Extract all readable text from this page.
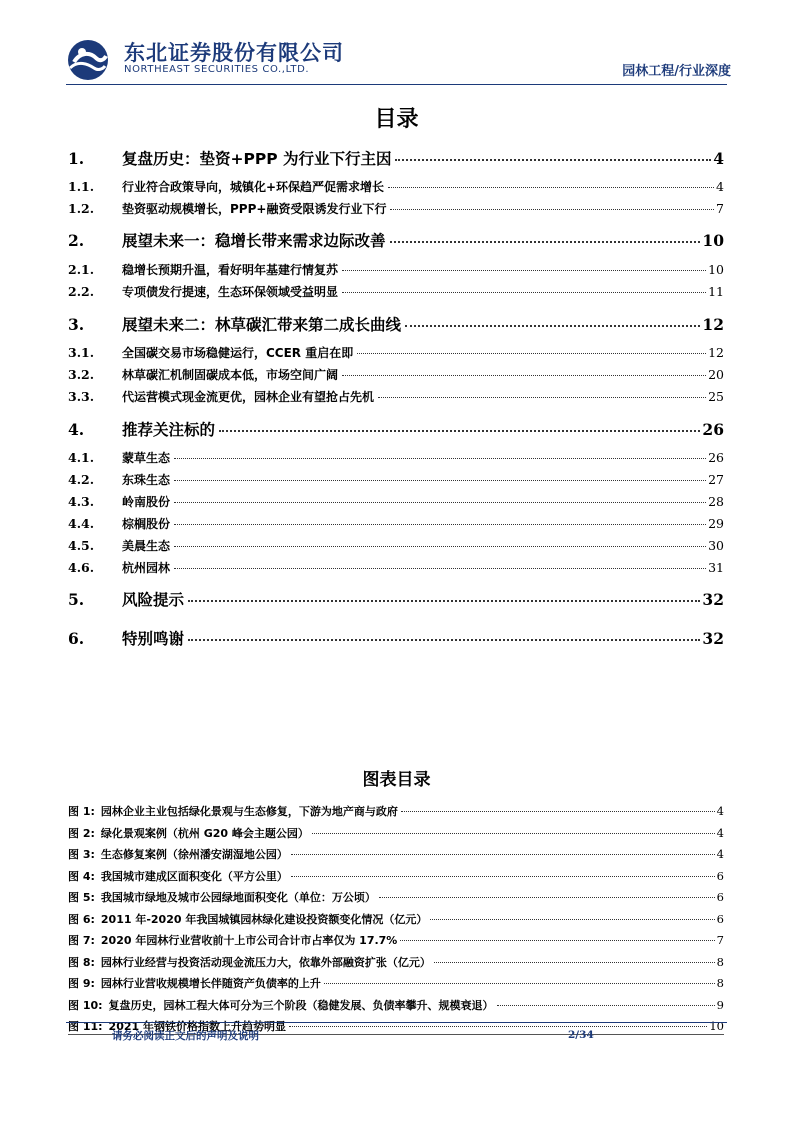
东北证券股份有限公司
NORTHEAST SECURITIES CO.,LTD.	园林工程/行业深度
目录
1.	复盘历史：垫资+PPP 为行业下行主因	4
1.1.	行业符合政策导向，城镇化+环保趋严促需求增长	4
1.2.	垫资驱动规模增长，PPP+融资受限诱发行业下行	7
2.	展望未来一：稳增长带来需求边际改善	10
2.1.	稳增长预期升温，看好明年基建行情复苏	10
2.2.	专项债发行提速，生态环保领域受益明显	11
3.	展望未来二：林草碳汇带来第二成长曲线	12
3.1.	全国碳交易市场稳健运行，CCER 重启在即	12
3.2.	林草碳汇机制固碳成本低，市场空间广阔	20
3.3.	代运营模式现金流更优，园林企业有望抢占先机	25
4.	推荐关注标的	26
4.1.	蒙草生态	26
4.2.	东珠生态	27
4.3.	岭南股份	28
4.4.	棕榈股份	29
4.5.	美晨生态	30
4.6.	杭州园林	31
5.	风险提示	32
6.	特别鸣谢	32
图表目录
图 1: 园林企业主业包括绿化景观与生态修复，下游为地产商与政府	4
图 2: 绿化景观案例（杭州 G20 峰会主题公园）	4
图 3: 生态修复案例（徐州潘安湖湿地公园）	4
图 4: 我国城市建成区面积变化（平方公里）	6
图 5: 我国城市绿地及城市公园绿地面积变化（单位：万公顷）	6
图 6: 2011 年-2020 年我国城镇园林绿化建设投资额变化情况（亿元）	6
图 7: 2020 年园林行业营收前十上市公司合计市占率仅为 17.7%	7
图 8: 园林行业经营与投资活动现金流压力大，依靠外部融资扩张（亿元）	8
图 9: 园林行业营收规模增长伴随资产负债率的上升	8
图 10: 复盘历史，园林工程大体可分为三个阶段（稳健发展、负债率攀升、规模衰退）	9
图 11: 2021 年钢铁价格指数上升趋势明显	10
请务必阅读正文后的声明及说明	2/34
